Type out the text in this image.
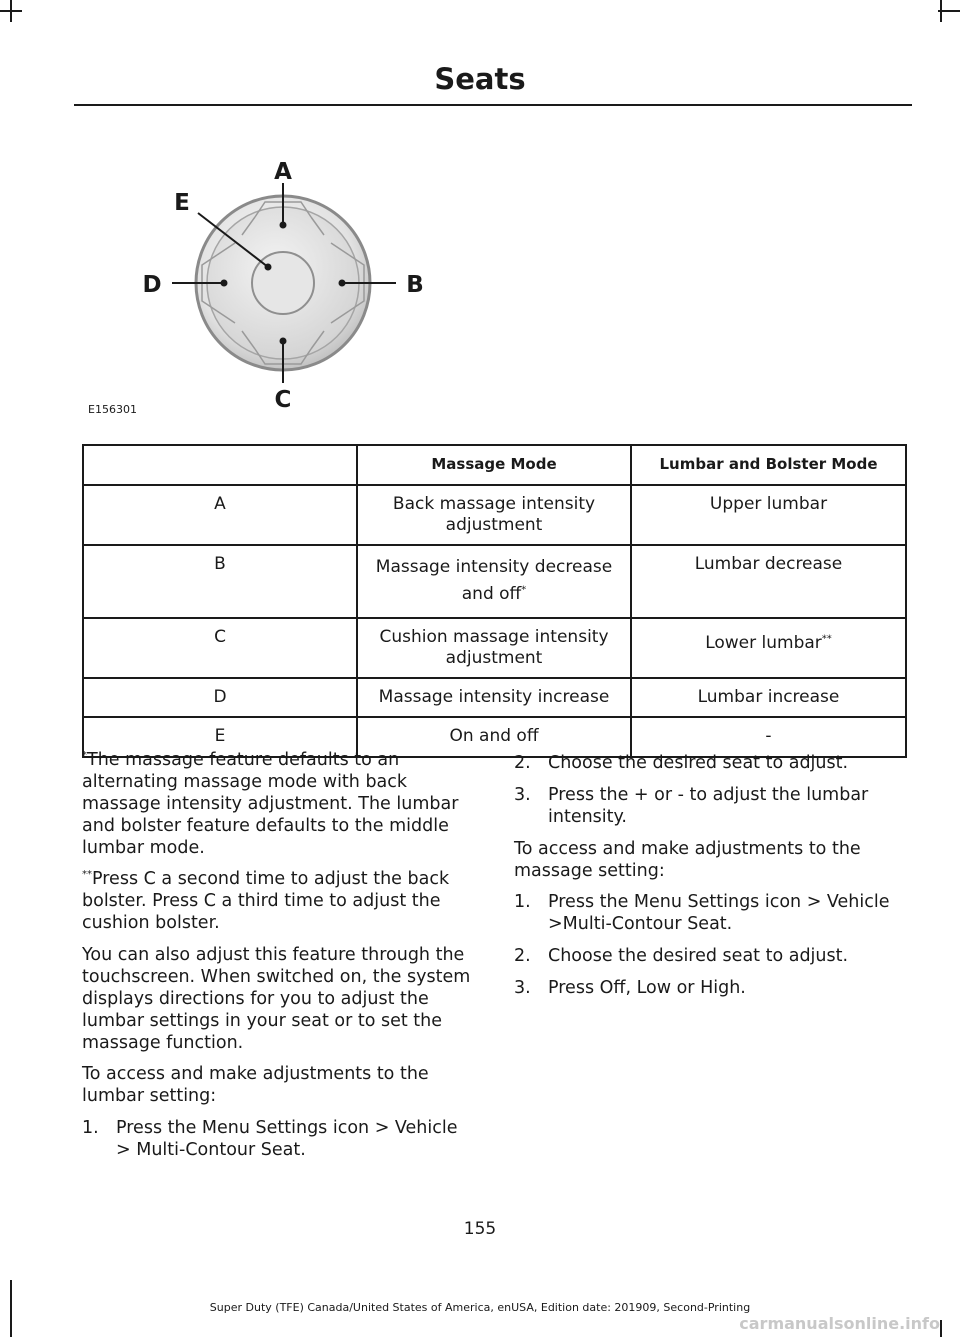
Seats
A
B
C
D
E
E156301
	Massage Mode	Lumbar and Bolster Mode
A	Back massage intensity adjustment	Upper lumbar
B	Massage intensity decrease and off*	Lumbar decrease
C	Cushion massage intensity adjustment	Lower lumbar**
D	Massage intensity increase	Lumbar increase
E	On and off	-

*The massage feature defaults to an alternating massage mode with back massage intensity adjustment. The lumbar and bolster feature defaults to the middle lumbar mode.

**Press C a second time to adjust the back bolster. Press C a third time to adjust the cushion bolster.

You can also adjust this feature through the touchscreen. When switched on, the system displays directions for you to adjust the lumbar settings in your seat or to set the massage function.

To access and make adjustments to the lumbar setting:

1. Press the Menu Settings icon > Vehicle > Multi-Contour Seat.
2. Choose the desired seat to adjust.
3. Press the + or - to adjust the lumbar intensity.

To access and make adjustments to the massage setting:

1. Press the Menu Settings icon > Vehicle >Multi-Contour Seat.
2. Choose the desired seat to adjust.
3. Press Off, Low or High.
155
Super Duty (TFE) Canada/United States of America, enUSA, Edition date: 201909, Second-Printing
carmanualsonline.info
